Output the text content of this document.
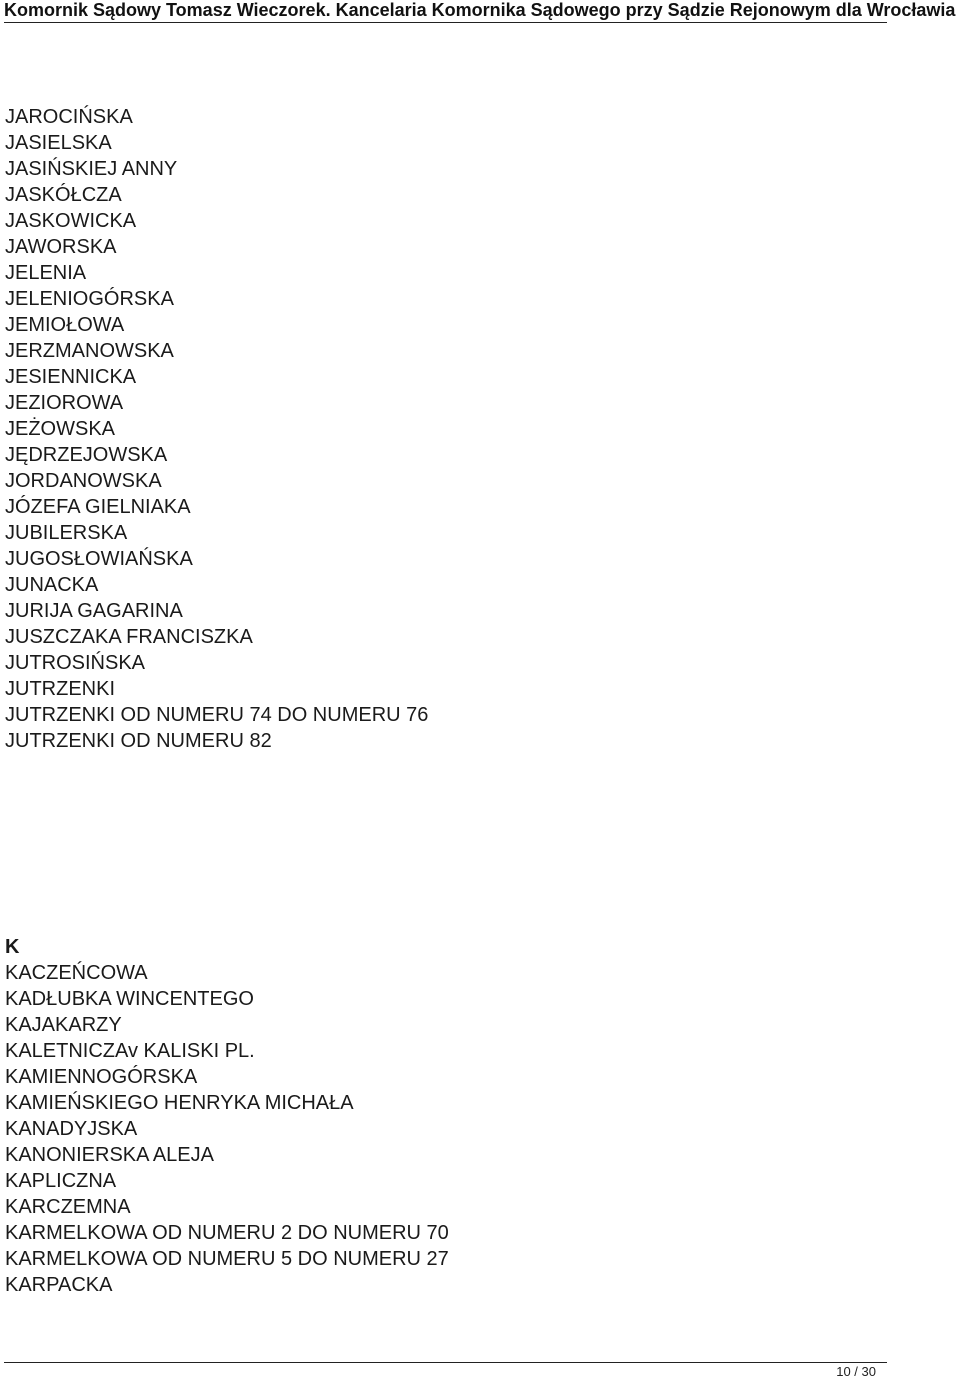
Komornik Sądowy Tomasz Wieczorek. Kancelaria Komornika Sądowego przy Sądzie Rejonowym dla Wrocławia
JAROCIŃSKA
JASIELSKA
JASIŃSKIEJ ANNY
JASKÓŁCZA
JASKOWICKA
JAWORSKA
JELENIA
JELENIOGÓRSKA
JEMIOŁOWA
JERZMANOWSKA
JESIENNICKA
JEZIOROWA
JEŻOWSKA
JĘDRZEJOWSKA
JORDANOWSKA
JÓZEFA GIELNIAKA
JUBILERSKA
JUGOSŁOWIAŃSKA
JUNACKA
JURIJA GAGARINA
JUSZCZAKA FRANCISZKA
JUTROSIŃSKA
JUTRZENKI
JUTRZENKI OD NUMERU 74 DO NUMERU 76
JUTRZENKI OD NUMERU 82
K
KACZEŃCOWA
KADŁUBKA WINCENTEGO
KAJAKARZY
KALETNICZAv KALISKI PL.
KAMIENNOGÓRSKA
KAMIEŃSKIEGO HENRYKA MICHAŁA
KANADYJSKA
KANONIERSKA ALEJA
KAPLICZNA
KARCZEMNA
KARMELKOWA OD NUMERU 2 DO NUMERU 70
KARMELKOWA OD NUMERU 5 DO NUMERU 27
KARPACKA
10 / 30
